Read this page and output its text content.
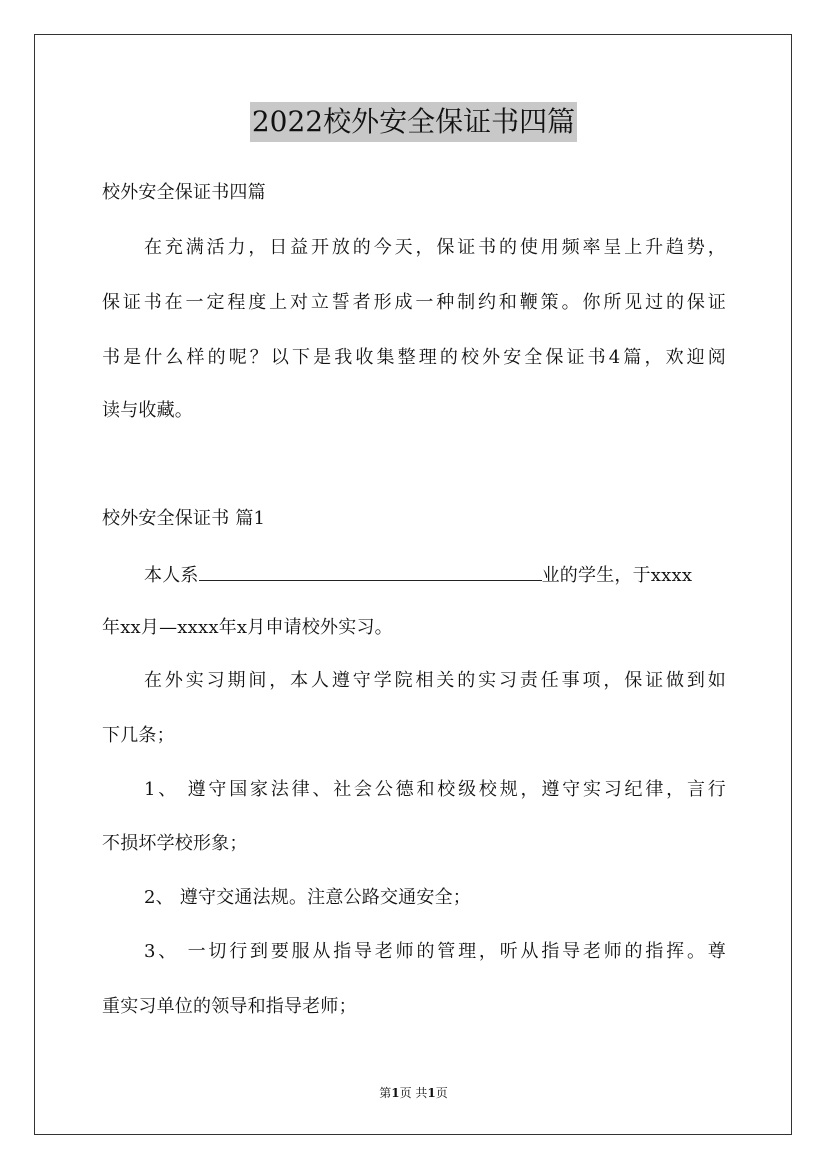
2022校外安全保证书四篇
校外安全保证书四篇
在充满活力，日益开放的今天，保证书的使用频率呈上升趋势，
保证书在一定程度上对立誓者形成一种制约和鞭策。你所见过的保证
书是什么样的呢？以下是我收集整理的校外安全保证书4篇，欢迎阅
读与收藏。
校外安全保证书 篇1
本人系	业的学生，于xxxx
年xx月—xxxx年x月申请校外实习。
在外实习期间，本人遵守学院相关的实习责任事项，保证做到如
下几条；
1、 遵守国家法律、社会公德和校级校规，遵守实习纪律，言行
不损坏学校形象；
2、 遵守交通法规。注意公路交通安全；
3、 一切行到要服从指导老师的管理，听从指导老师的指挥。尊
重实习单位的领导和指导老师；
第1页 共1页
